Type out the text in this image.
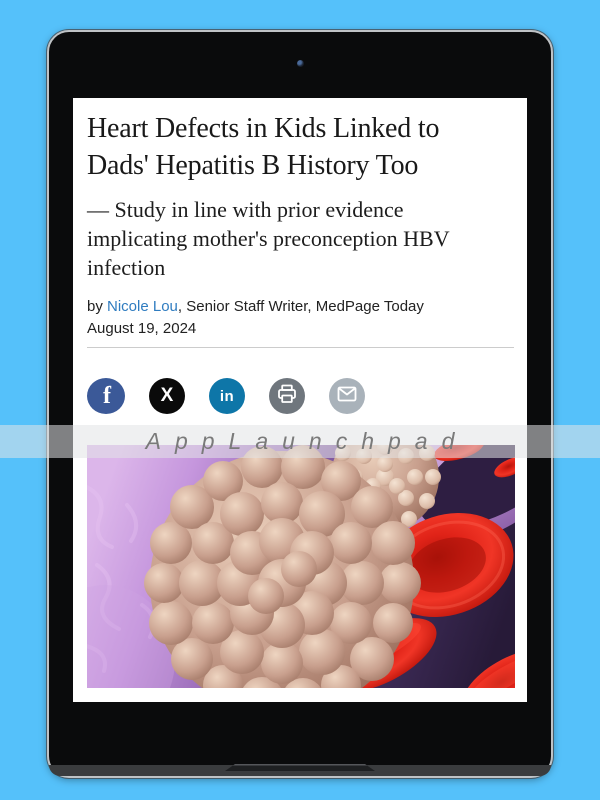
Heart Defects in Kids Linked to
Dads' Hepatitis B History Too
— Study in line with prior evidence
implicating mother's preconception HBV
infection

by Nicole Lou, Senior Staff Writer, MedPage Today
August 19, 2024

f	X	in
AppLaunchpad
